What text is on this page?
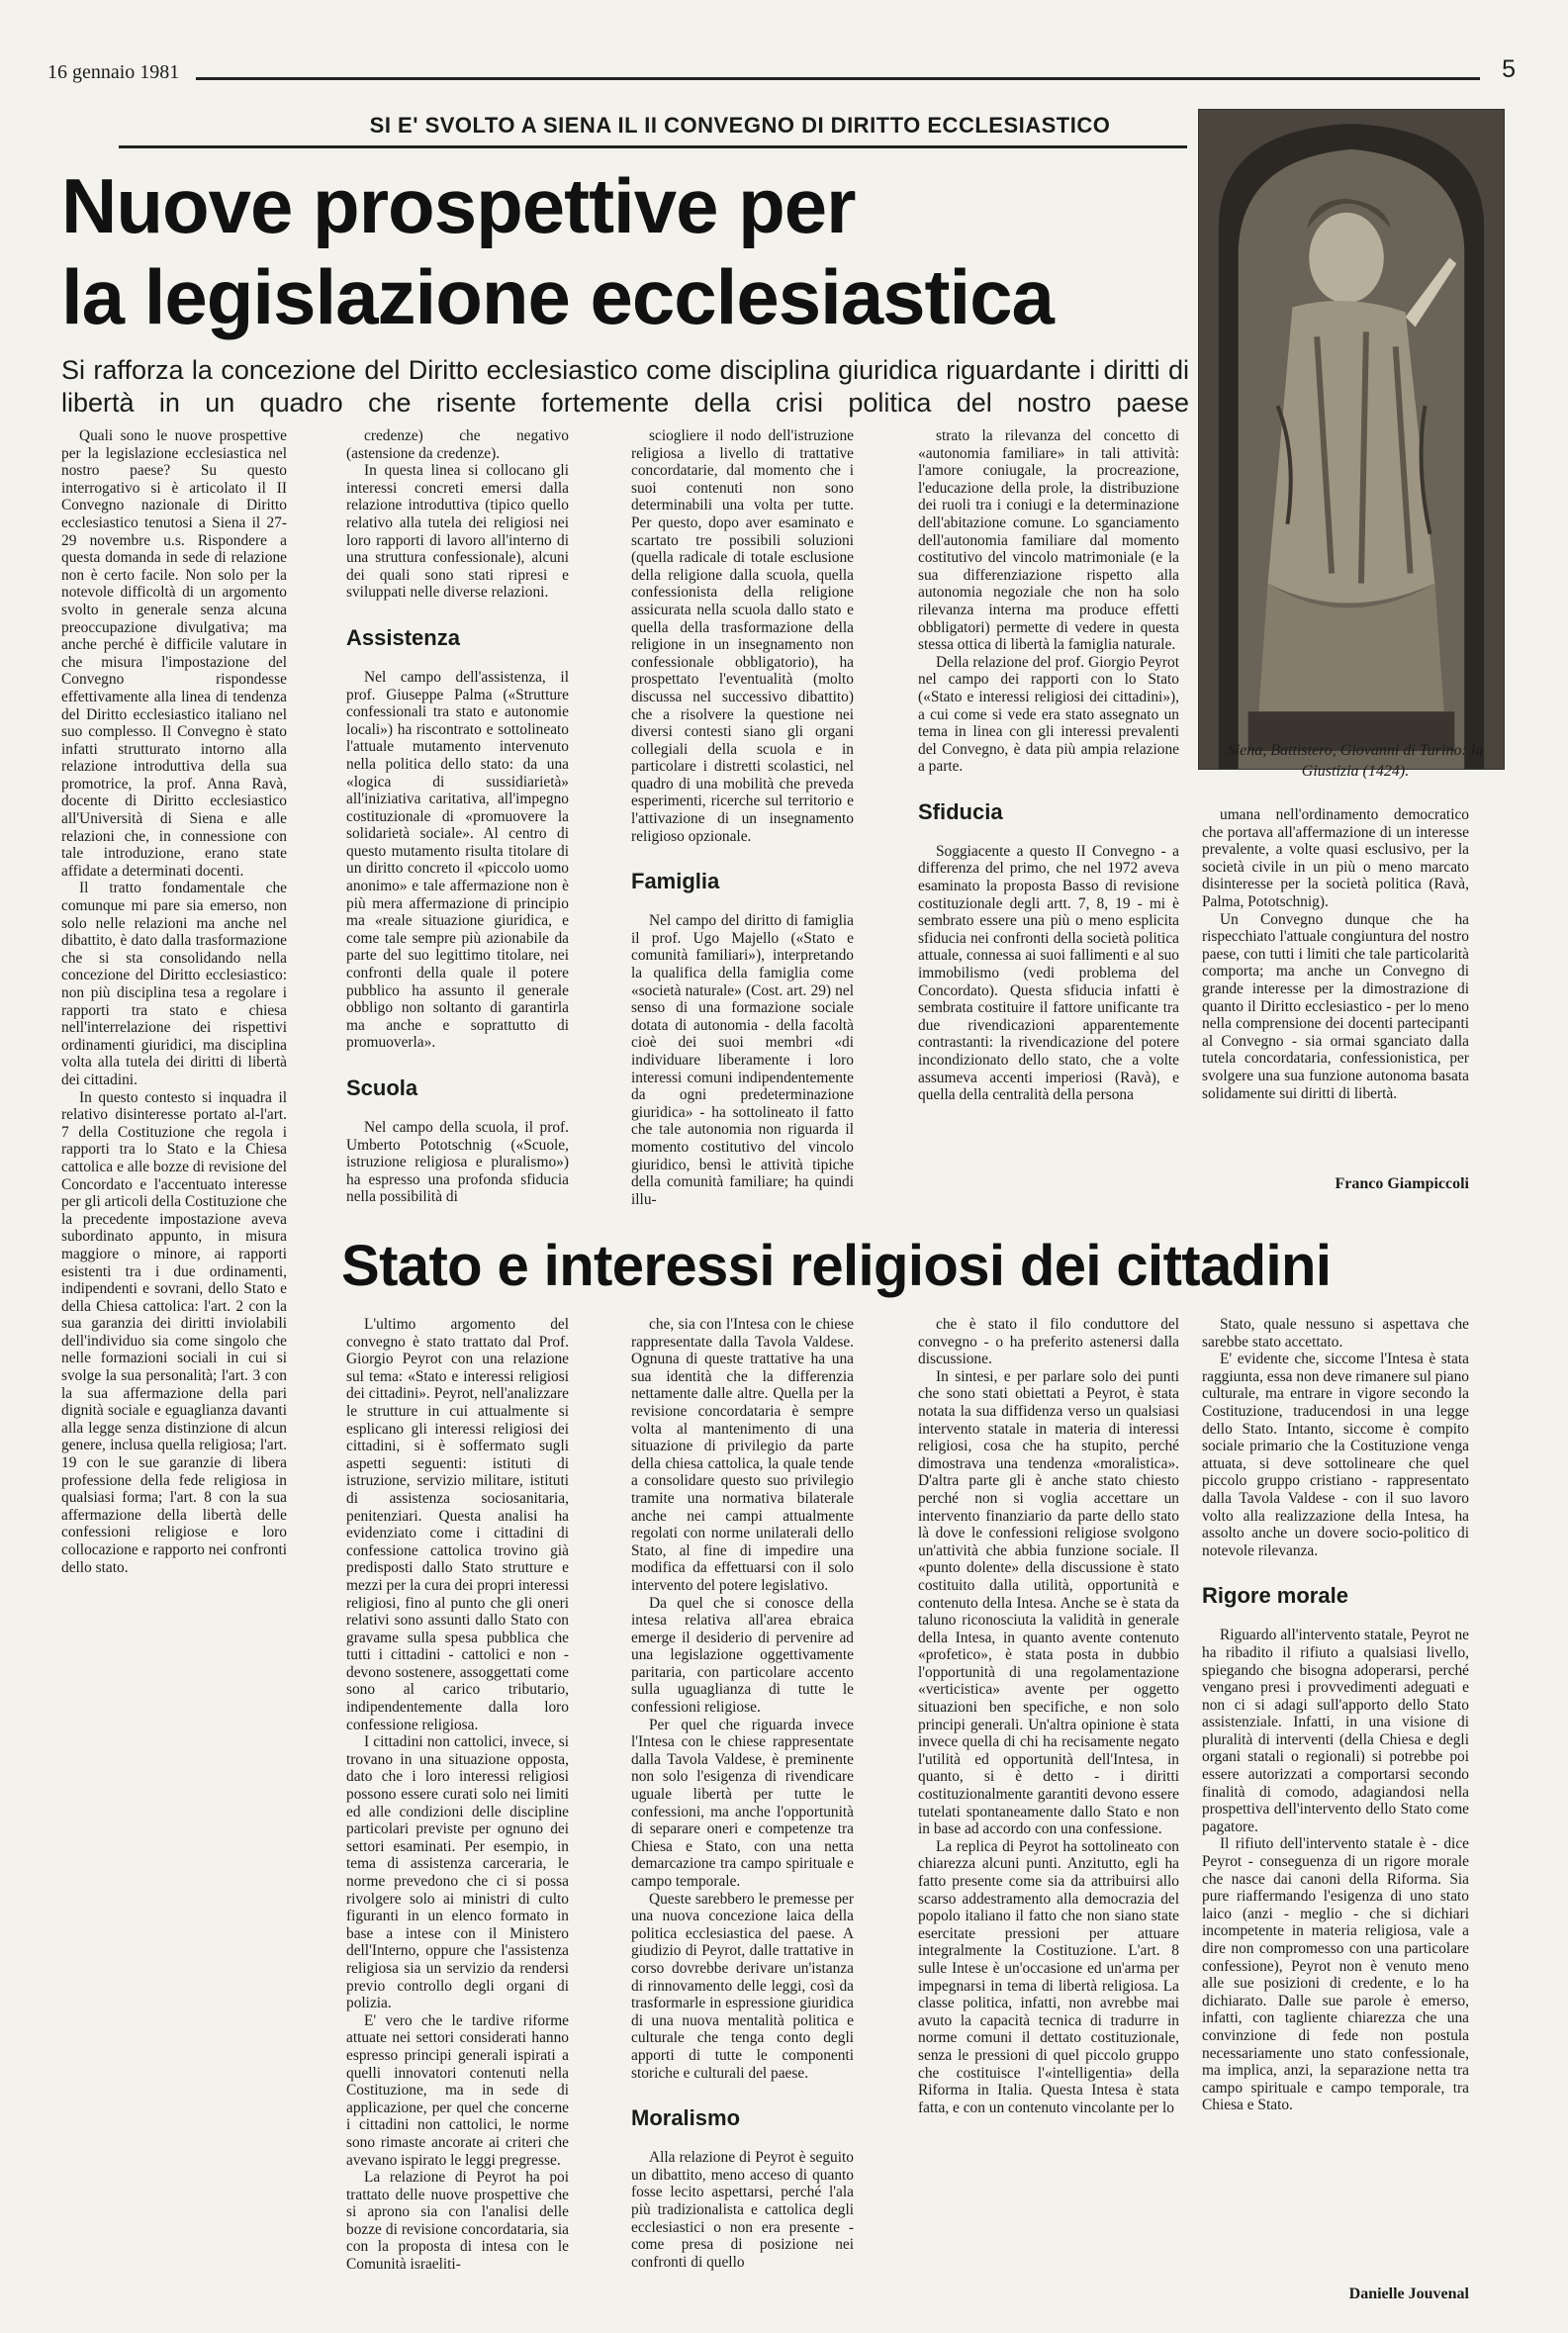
16 gennaio 1981	5
SI E' SVOLTO A SIENA IL II CONVEGNO DI DIRITTO ECCLESIASTICO
Nuove prospettive per
la legislazione ecclesiastica
Si rafforza la concezione del Diritto ecclesiastico come disciplina giuridica riguardante i diritti di libertà in un quadro che risente fortemente della crisi politica del nostro paese
Siena, Battistero, Giovanni di Turino: la Giustizia (1424).

Quali sono le nuove prospettive per la legislazione ecclesiastica nel nostro paese? Su questo interrogativo si è articolato il II Convegno nazionale di Diritto ecclesiastico tenutosi a Siena il 27-29 novembre u.s. Rispondere a questa domanda in sede di relazione non è certo facile. Non solo per la notevole difficoltà di un argomento svolto in generale senza alcuna preoccupazione divulgativa; ma anche perché è difficile valutare in che misura l'impostazione del Convegno rispondesse effettivamente alla linea di tendenza del Diritto ecclesiastico italiano nel suo complesso. Il Convegno è stato infatti strutturato intorno alla relazione introduttiva della sua promotrice, la prof. Anna Ravà, docente di Diritto ecclesiastico all'Università di Siena e alle relazioni che, in connessione con tale introduzione, erano state affidate a determinati docenti.

Il tratto fondamentale che comunque mi pare sia emerso, non solo nelle relazioni ma anche nel dibattito, è dato dalla trasformazione che si sta consolidando nella concezione del Diritto ecclesiastico: non più disciplina tesa a regolare i rapporti tra stato e chiesa nell'interrelazione dei rispettivi ordinamenti giuridici, ma disciplina volta alla tutela dei diritti di libertà dei cittadini.

In questo contesto si inquadra il relativo disinteresse portato al-l'art. 7 della Costituzione che regola i rapporti tra lo Stato e la Chiesa cattolica e alle bozze di revisione del Concordato e l'accentuato interesse per gli articoli della Costituzione che la precedente impostazione aveva subordinato appunto, in misura maggiore o minore, ai rapporti esistenti tra i due ordinamenti, indipendenti e sovrani, dello Stato e della Chiesa cattolica: l'art. 2 con la sua garanzia dei diritti inviolabili dell'individuo sia come singolo che nelle formazioni sociali in cui si svolge la sua personalità; l'art. 3 con la sua affermazione della pari dignità sociale e eguaglianza davanti alla legge senza distinzione di alcun genere, inclusa quella religiosa; l'art. 19 con le sue garanzie di libera professione della fede religiosa in qualsiasi forma; l'art. 8 con la sua affermazione della libertà delle confessioni religiose e loro collocazione e rapporto nei confronti dello stato.

credenze) che negativo (astensione da credenze).

In questa linea si collocano gli interessi concreti emersi dalla relazione introduttiva (tipico quello relativo alla tutela dei religiosi nei loro rapporti di lavoro all'interno di una struttura confessionale), alcuni dei quali sono stati ripresi e sviluppati nelle diverse relazioni.

Assistenza

Nel campo dell'assistenza, il prof. Giuseppe Palma («Strutture confessionali tra stato e autonomie locali») ha riscontrato e sottolineato l'attuale mutamento intervenuto nella politica dello stato: da una «logica di sussidiarietà» all'iniziativa caritativa, all'impegno costituzionale di «promuovere la solidarietà sociale». Al centro di questo mutamento risulta titolare di un diritto concreto il «piccolo uomo anonimo» e tale affermazione non è più mera affermazione di principio ma «reale situazione giuridica, e come tale sempre più azionabile da parte del suo legittimo titolare, nei confronti della quale il potere pubblico ha assunto il generale obbligo non soltanto di garantirla ma anche e soprattutto di promuoverla».

Scuola

Nel campo della scuola, il prof. Umberto Pototschnig («Scuole, istruzione religiosa e pluralismo») ha espresso una profonda sfiducia nella possibilità di

sciogliere il nodo dell'istruzione religiosa a livello di trattative concordatarie, dal momento che i suoi contenuti non sono determinabili una volta per tutte. Per questo, dopo aver esaminato e scartato tre possibili soluzioni (quella radicale di totale esclusione della religione dalla scuola, quella confessionista della religione assicurata nella scuola dallo stato e quella della trasformazione della religione in un insegnamento non confessionale obbligatorio), ha prospettato l'eventualità (molto discussa nel successivo dibattito) che a risolvere la questione nei diversi contesti siano gli organi collegiali della scuola e in particolare i distretti scolastici, nel quadro di una mobilità che preveda esperimenti, ricerche sul territorio e l'attivazione di un insegnamento religioso opzionale.

Famiglia

Nel campo del diritto di famiglia il prof. Ugo Majello («Stato e comunità familiari»), interpretando la qualifica della famiglia come «società naturale» (Cost. art. 29) nel senso di una formazione sociale dotata di autonomia - della facoltà cioè dei suoi membri «di individuare liberamente i loro interessi comuni indipendentemente da ogni predeterminazione giuridica» - ha sottolineato il fatto che tale autonomia non riguarda il momento costitutivo del vincolo giuridico, bensì le attività tipiche della comunità familiare; ha quindi illu-

strato la rilevanza del concetto di «autonomia familiare» in tali attività: l'amore coniugale, la procreazione, l'educazione della prole, la distribuzione dei ruoli tra i coniugi e la determinazione dell'abitazione comune. Lo sganciamento dell'autonomia familiare dal momento costitutivo del vincolo matrimoniale (e la sua differenziazione rispetto alla autonomia negoziale che non ha solo rilevanza interna ma produce effetti obbligatori) permette di vedere in questa stessa ottica di libertà la famiglia naturale.

Della relazione del prof. Giorgio Peyrot nel campo dei rapporti con lo Stato («Stato e interessi religiosi dei cittadini»), a cui come si vede era stato assegnato un tema in linea con gli interessi prevalenti del Convegno, è data più ampia relazione a parte.

Sfiducia

Soggiacente a questo II Convegno - a differenza del primo, che nel 1972 aveva esaminato la proposta Basso di revisione costituzionale degli artt. 7, 8, 19 - mi è sembrato essere una più o meno esplicita sfiducia nei confronti della società politica attuale, connessa ai suoi fallimenti e al suo immobilismo (vedi problema del Concordato). Questa sfiducia infatti è sembrata costituire il fattore unificante tra due rivendicazioni apparentemente contrastanti: la rivendicazione del potere incondizionato dello stato, che a volte assumeva accenti imperiosi (Ravà), e quella della centralità della persona

umana nell'ordinamento democratico che portava all'affermazione di un interesse prevalente, a volte quasi esclusivo, per la società civile in un più o meno marcato disinteresse per la società politica (Ravà, Palma, Pototschnig).

Un Convegno dunque che ha rispecchiato l'attuale congiuntura del nostro paese, con tutti i limiti che tale particolarità comporta; ma anche un Convegno di grande interesse per la dimostrazione di quanto il Diritto ecclesiastico - per lo meno nella comprensione dei docenti partecipanti al Convegno - sia ormai sganciato dalla tutela concordataria, confessionistica, per svolgere una sua funzione autonoma basata solidamente sui diritti di libertà.

Franco Giampiccoli
Stato e interessi religiosi dei cittadini

L'ultimo argomento del convegno è stato trattato dal Prof. Giorgio Peyrot con una relazione sul tema: «Stato e interessi religiosi dei cittadini». Peyrot, nell'analizzare le strutture in cui attualmente si esplicano gli interessi religiosi dei cittadini, si è soffermato sugli aspetti seguenti: istituti di istruzione, servizio militare, istituti di assistenza sociosanitaria, penitenziari. Questa analisi ha evidenziato come i cittadini di confessione cattolica trovino già predisposti dallo Stato strutture e mezzi per la cura dei propri interessi religiosi, fino al punto che gli oneri relativi sono assunti dallo Stato con gravame sulla spesa pubblica che tutti i cittadini - cattolici e non - devono sostenere, assoggettati come sono al carico tributario, indipendentemente dalla loro confessione religiosa.

I cittadini non cattolici, invece, si trovano in una situazione opposta, dato che i loro interessi religiosi possono essere curati solo nei limiti ed alle condizioni delle discipline particolari previste per ognuno dei settori esaminati. Per esempio, in tema di assistenza carceraria, le norme prevedono che ci si possa rivolgere solo ai ministri di culto figuranti in un elenco formato in base a intese con il Ministero dell'Interno, oppure che l'assistenza religiosa sia un servizio da rendersi previo controllo degli organi di polizia.

E' vero che le tardive riforme attuate nei settori considerati hanno espresso principi generali ispirati a quelli innovatori contenuti nella Costituzione, ma in sede di applicazione, per quel che concerne i cittadini non cattolici, le norme sono rimaste ancorate ai criteri che avevano ispirato le leggi pregresse.

La relazione di Peyrot ha poi trattato delle nuove prospettive che si aprono sia con l'analisi delle bozze di revisione concordataria, sia con la proposta di intesa con le Comunità israeliti-

che, sia con l'Intesa con le chiese rappresentate dalla Tavola Valdese. Ognuna di queste trattative ha una sua identità che la differenzia nettamente dalle altre. Quella per la revisione concordataria è sempre volta al mantenimento di una situazione di privilegio da parte della chiesa cattolica, la quale tende a consolidare questo suo privilegio tramite una normativa bilaterale anche nei campi attualmente regolati con norme unilaterali dello Stato, al fine di impedire una modifica da effettuarsi con il solo intervento del potere legislativo.

Da quel che si conosce della intesa relativa all'area ebraica emerge il desiderio di pervenire ad una legislazione oggettivamente paritaria, con particolare accento sulla uguaglianza di tutte le confessioni religiose.

Per quel che riguarda invece l'Intesa con le chiese rappresentate dalla Tavola Valdese, è preminente non solo l'esigenza di rivendicare uguale libertà per tutte le confessioni, ma anche l'opportunità di separare oneri e competenze tra Chiesa e Stato, con una netta demarcazione tra campo spirituale e campo temporale.

Queste sarebbero le premesse per una nuova concezione laica della politica ecclesiastica del paese. A giudizio di Peyrot, dalle trattative in corso dovrebbe derivare un'istanza di rinnovamento delle leggi, così da trasformarle in espressione giuridica di una nuova mentalità politica e culturale che tenga conto degli apporti di tutte le componenti storiche e culturali del paese.

Moralismo

Alla relazione di Peyrot è seguito un dibattito, meno acceso di quanto fosse lecito aspettarsi, perché l'ala più tradizionalista e cattolica degli ecclesiastici o non era presente - come presa di posizione nei confronti di quello

che è stato il filo conduttore del convegno - o ha preferito astenersi dalla discussione.

In sintesi, e per parlare solo dei punti che sono stati obiettati a Peyrot, è stata notata la sua diffidenza verso un qualsiasi intervento statale in materia di interessi religiosi, cosa che ha stupito, perché dimostrava una tendenza «moralistica». D'altra parte gli è anche stato chiesto perché non si voglia accettare un intervento finanziario da parte dello stato là dove le confessioni religiose svolgono un'attività che abbia funzione sociale. Il «punto dolente» della discussione è stato costituito dalla utilità, opportunità e contenuto della Intesa. Anche se è stata da taluno riconosciuta la validità in generale della Intesa, in quanto avente contenuto «profetico», è stata posta in dubbio l'opportunità di una regolamentazione «verticistica» avente per oggetto situazioni ben specifiche, e non solo principi generali. Un'altra opinione è stata invece quella di chi ha recisamente negato l'utilità ed opportunità dell'Intesa, in quanto, si è detto - i diritti costituzionalmente garantiti devono essere tutelati spontaneamente dallo Stato e non in base ad accordo con una confessione.

La replica di Peyrot ha sottolineato con chiarezza alcuni punti. Anzitutto, egli ha fatto presente come sia da attribuirsi allo scarso addestramento alla democrazia del popolo italiano il fatto che non siano state esercitate pressioni per attuare integralmente la Costituzione. L'art. 8 sulle Intese è un'occasione ed un'arma per impegnarsi in tema di libertà religiosa. La classe politica, infatti, non avrebbe mai avuto la capacità tecnica di tradurre in norme comuni il dettato costituzionale, senza le pressioni di quel piccolo gruppo che costituisce l'«intelligentia» della Riforma in Italia. Questa Intesa è stata fatta, e con un contenuto vincolante per lo

Stato, quale nessuno si aspettava che sarebbe stato accettato.

E' evidente che, siccome l'Intesa è stata raggiunta, essa non deve rimanere sul piano culturale, ma entrare in vigore secondo la Costituzione, traducendosi in una legge dello Stato. Intanto, siccome è compito sociale primario che la Costituzione venga attuata, si deve sottolineare che quel piccolo gruppo cristiano - rappresentato dalla Tavola Valdese - con il suo lavoro volto alla realizzazione della Intesa, ha assolto anche un dovere socio-politico di notevole rilevanza.

Rigore morale

Riguardo all'intervento statale, Peyrot ne ha ribadito il rifiuto a qualsiasi livello, spiegando che bisogna adoperarsi, perché vengano presi i provvedimenti adeguati e non ci si adagi sull'apporto dello Stato assistenziale. Infatti, in una visione di pluralità di interventi (della Chiesa e degli organi statali o regionali) si potrebbe poi essere autorizzati a comportarsi secondo finalità di comodo, adagiandosi nella prospettiva dell'intervento dello Stato come pagatore.

Il rifiuto dell'intervento statale è - dice Peyrot - conseguenza di un rigore morale che nasce dai canoni della Riforma. Sia pure riaffermando l'esigenza di uno stato laico (anzi - meglio - che si dichiari incompetente in materia religiosa, vale a dire non compromesso con una particolare confessione), Peyrot non è venuto meno alle sue posizioni di credente, e lo ha dichiarato. Dalle sue parole è emerso, infatti, con tagliente chiarezza che una convinzione di fede non postula necessariamente uno stato confessionale, ma implica, anzi, la separazione netta tra campo spirituale e campo temporale, tra Chiesa e Stato.

Danielle Jouvenal
